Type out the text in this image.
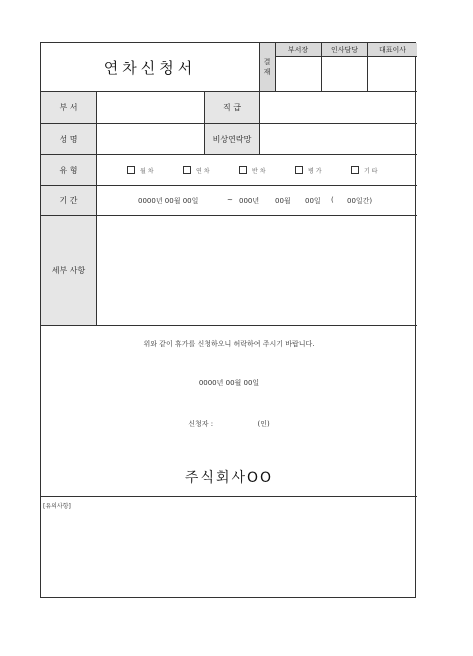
연차신청서	결
재
부서장	인사담당	대표이사
부 서	직 급
성 명	비상연락망
유 형	월 차	연 차	반 차	병 가	기 타
기 간	0000년 00월 00일	~ 000년 00월 00일 ( 00일간)
세부 사항
위와 같이 휴가를 신청하오니 허락하여 주시기 바랍니다.
0000년 00월 00일
신청자 :	(인)
주식회사OO
[유의사항]
